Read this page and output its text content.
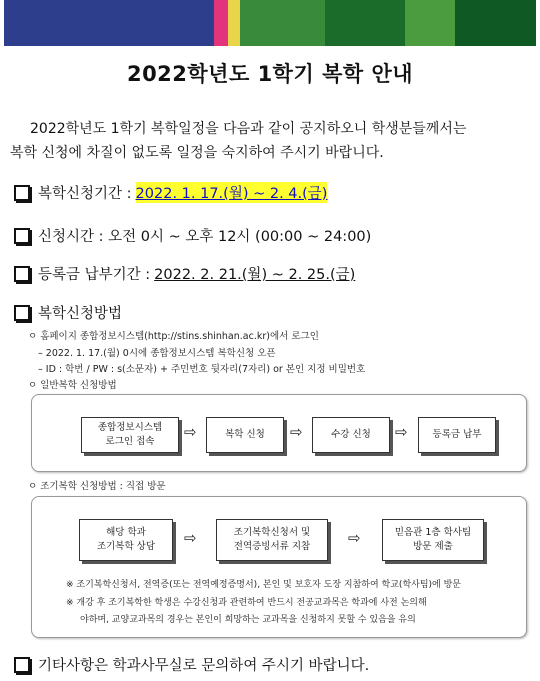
2022학년도 1학기 복학 안내
2022학년도 1학기 복학일정을 다음과 같이 공지하오니 학생분들께서는
복학 신청에 차질이 없도록 일정을 숙지하여 주시기 바랍니다.
복학신청기간 : 2022. 1. 17.(월) ~ 2. 4.(금)
신청시간 : 오전 0시 ~ 오후 12시 (00:00 ~ 24:00)
등록금 납부기간 : 2022. 2. 21.(월) ~ 2. 25.(금)
복학신청방법
ㅇ 홈페이지 종합정보시스템(http://stins.shinhan.ac.kr)에서 로그인
– 2022. 1. 17.(월) 0시에 종합정보시스템 복학신청 오픈
– ID : 학번 / PW : s(소문자) + 주민번호 뒷자리(7자리) or 본인 지정 비밀번호
ㅇ 일반복학 신청방법
종합정보시스템
로그인 접속
⇨	복학 신청	⇨	수강 신청	⇨	등록금 납부
ㅇ 조기복학 신청방법 : 직접 방문
해당 학과
조기복학 상담	⇨	조기복학신청서 및
전역증빙서류 지참	⇨	믿음관 1층 학사팀
방문 제출
※ 조기복학신청서, 전역증(또는 전역예정증명서), 본인 및 보호자 도장 지참하여 학교(학사팀)에 방문
※ 개강 후 조기복학한 학생은 수강신청과 관련하여 반드시 전공교과목은 학과에 사전 논의해
야하며, 교양교과목의 경우는 본인이 희망하는 교과목을 신청하지 못할 수 있음을 유의
기타사항은 학과사무실로 문의하여 주시기 바랍니다.
